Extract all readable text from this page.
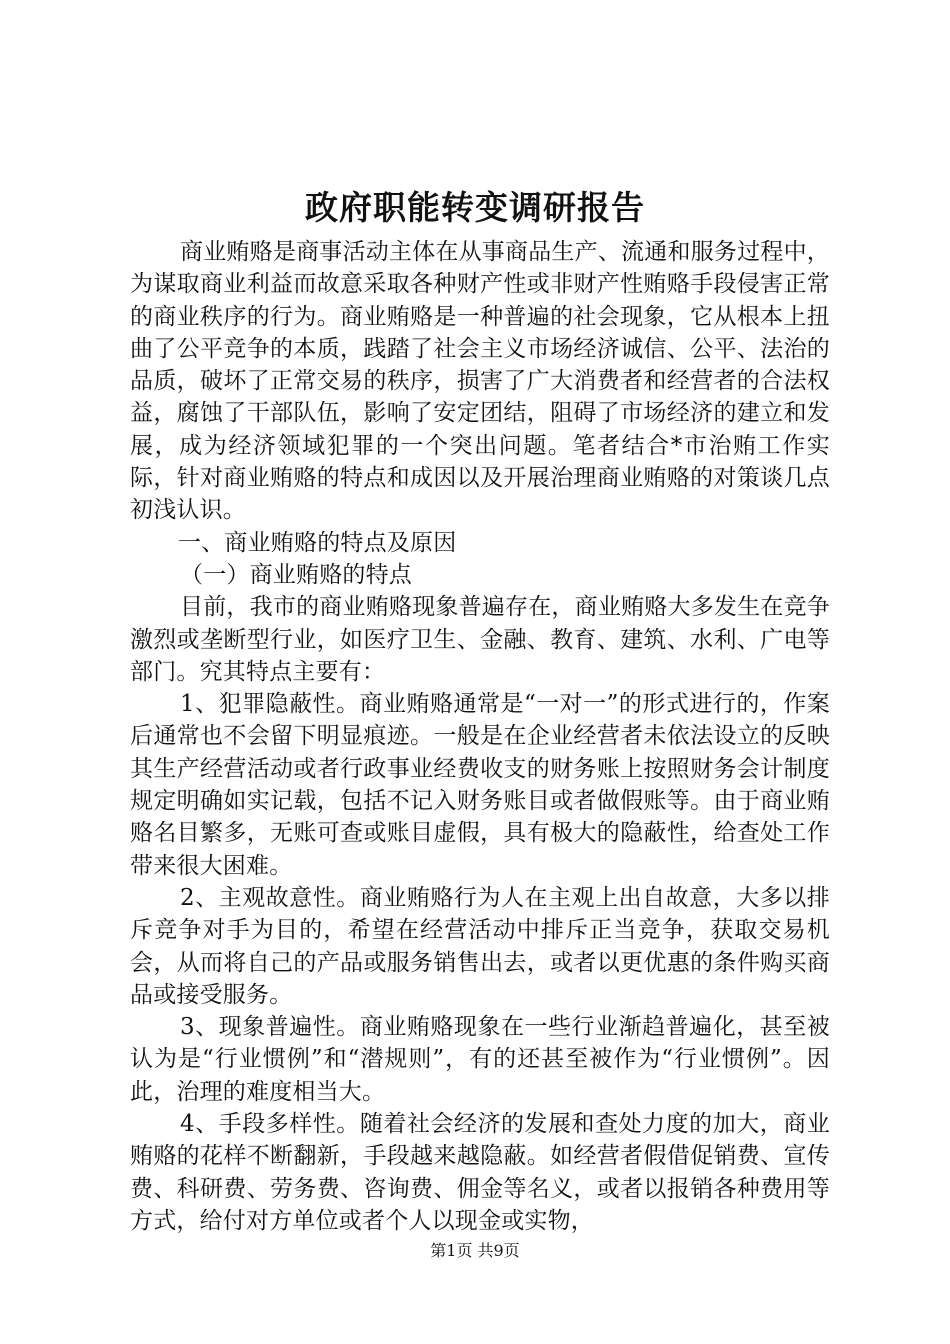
政府职能转变调研报告

商业贿赂是商事活动主体在从事商品生产、流通和服务过程中，为谋取商业利益而故意采取各种财产性或非财产性贿赂手段侵害正常的商业秩序的行为。商业贿赂是一种普遍的社会现象，它从根本上扭曲了公平竞争的本质，践踏了社会主义市场经济诚信、公平、法治的品质，破坏了正常交易的秩序，损害了广大消费者和经营者的合法权益，腐蚀了干部队伍，影响了安定团结，阻碍了市场经济的建立和发展，成为经济领域犯罪的一个突出问题。笔者结合*市治贿工作实际，针对商业贿赂的特点和成因以及开展治理商业贿赂的对策谈几点初浅认识。

一、商业贿赂的特点及原因

（一）商业贿赂的特点

目前，我市的商业贿赂现象普遍存在，商业贿赂大多发生在竞争激烈或垄断型行业，如医疗卫生、金融、教育、建筑、水利、广电等部门。究其特点主要有：

1、犯罪隐蔽性。商业贿赂通常是“一对一”的形式进行的，作案后通常也不会留下明显痕迹。一般是在企业经营者未依法设立的反映其生产经营活动或者行政事业经费收支的财务账上按照财务会计制度规定明确如实记载，包括不记入财务账目或者做假账等。由于商业贿赂名目繁多，无账可查或账目虚假，具有极大的隐蔽性，给查处工作带来很大困难。

2、主观故意性。商业贿赂行为人在主观上出自故意，大多以排斥竞争对手为目的，希望在经营活动中排斥正当竞争，获取交易机会，从而将自己的产品或服务销售出去，或者以更优惠的条件购买商品或接受服务。

3、现象普遍性。商业贿赂现象在一些行业渐趋普遍化，甚至被认为是“行业惯例”和“潜规则”，有的还甚至被作为“行业惯例”。因此，治理的难度相当大。

4、手段多样性。随着社会经济的发展和查处力度的加大，商业贿赂的花样不断翻新，手段越来越隐蔽。如经营者假借促销费、宣传费、科研费、劳务费、咨询费、佣金等名义，或者以报销各种费用等方式，给付对方单位或者个人以现金或实物，

第1页 共9页
